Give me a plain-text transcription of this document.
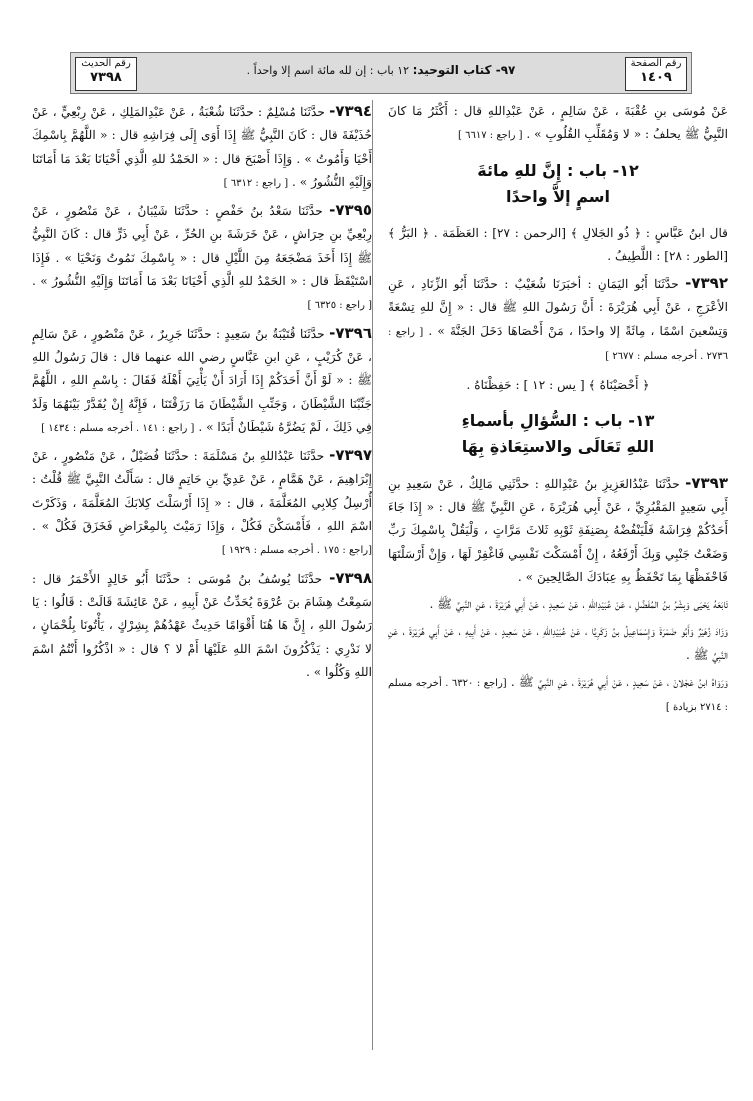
رقم الصفحة
١٤٠٩
٩٧- كتاب التوحيد: ١٢ باب : إن لله مائة اسم إلا واحداً .
رقم الحديث
٧٣٩٨

عَنْ مُوسَى بنِ عُقْبَةَ ، عَنْ سَالِمٍ ، عَنْ عَبْدِاللهِ قال : أَكْثَرُ مَا كانَ النَّبِيُّ ﷺ يحلفُ : « لا وَمُقَلِّبِ القُلُوبِ » . [ راجع : ٦٦١٧ ]

١٢- باب : إِنَّ للهِ مائةَ
اسمٍ إلاَّ واحدًا

قال ابنُ عَبَّاسٍ : ﴿ ذُو الجَلالِ ﴾ [الرحمن : ٢٧] : العَظَمَة . ﴿ البَرُّ ﴾ [الطور : ٢٨] : اللَّطِيفُ .

٧٣٩٢- حدَّثَنَا أَبُو اليَمَانِ : أخبَرَنَا شُعَيْبٌ : حدَّثَنَا أَبُو الزِّنَادِ ، عَنِ الأعْرَجِ ، عَنْ أَبِي هُرَيْرَةَ : أَنَّ رَسُولَ اللهِ ﷺ قال : « إِنَّ للهِ تِسْعَةً وَتِسْعينَ اسْمًا ، مِائَةً إلا واحدًا ، مَنْ أَحْصَاهَا دَخَلَ الجَنَّةَ » . [ راجع : ٢٧٣٦ . أخرجه مسلم : ٢٦٧٧ ]

﴿ أَحْصَيْنَاهُ ﴾ [ يس : ١٢ ] : حَفِظْنَاهُ .

١٣- باب : السُّؤالِ بأسماءِ
اللهِ تَعَالَى والاستِعَاذةِ بِهَا

٧٣٩٣- حدَّثَنَا عَبْدُالعَزِيزِ بنُ عَبْدِاللهِ : حدَّثَنِي مَالِكٌ ، عَنْ سَعِيدِ بنِ أَبِي سَعِيدٍ المَقْبُرِيِّ ، عَنْ أَبِي هُرَيْرَةَ ، عَنِ النَّبِيِّ ﷺ قال : « إِذَا جَاءَ أَحَدُكُمْ فِرَاشَهُ فَلْيَنْفُضْهُ بِصَنِفَةِ ثَوْبِهِ ثَلاثَ مَرَّاتٍ ، وَلْيَقُلْ بِاسْمِكَ رَبِّ وَضَعْتُ جَنْبِي وَبِكَ أَرْفَعُهُ ، إِنْ أَمْسَكْتَ نَفْسِي فَاغْفِرْ لَهَا ، وَإِنْ أَرْسَلْتَهَا فَاحْفَظْهَا بِمَا تَحْفَظُ بِهِ عِبَادَكَ الصَّالِحِينَ » .

تَابَعَهُ يَحْيَى وَبِشْرُ بنُ المُفَضَّلِ ، عَنْ عُبَيْدِاللهِ ، عَنْ سَعِيدٍ ، عَنْ أَبِي هُرَيْرَةَ ، عَنِ النَّبِيِّ ﷺ .

وَزَادَ زُهَيْرٌ وَأَبُو ضَمْرَةَ وَإِسْمَاعِيلُ بنُ زَكَرِيَّا ، عَنْ عُبَيْدِاللهِ ، عَنْ سَعِيدٍ ، عَنْ أَبِيهِ ، عَنْ أَبِي هُرَيْرَةَ ، عَنِ النَّبِيِّ ﷺ .

وَرَوَاهُ ابنُ عَجْلانَ ، عَنْ سَعِيدٍ ، عَنْ أَبِي هُرَيْرَةَ ، عَنِ النَّبِيِّ ﷺ . [راجع : ٦٣٢٠ . أخرجه مسلم : ٢٧١٤ بزيادة ]

٧٣٩٤- حدَّثَنَا مُسْلِمٌ : حدَّثَنَا شُعْبَةُ ، عَنْ عَبْدِالمَلِكِ ، عَنْ رِبْعِيٍّ ، عَنْ حُذَيْفَةَ قال : كَانَ النَّبِيُّ ﷺ إِذَا أَوَى إِلَى فِرَاشِهِ قال : « اللَّهُمَّ بِاسْمِكَ أَحْيَا وَأَمُوتُ » . وَإِذَا أَصْبَحَ قال : « الحَمْدُ للهِ الَّذِي أَحْيَانَا بَعْدَ مَا أَمَاتَنَا وَإِلَيْهِ النُّشُورُ » . [ راجع : ٦٣١٢ ]

٧٣٩٥- حدَّثَنَا سَعْدُ بنُ حَفْصٍ : حدَّثَنَا شَيْبَانُ ، عَنْ مَنْصُورٍ ، عَنْ رِبْعِيِّ بنِ حِرَاشٍ ، عَنْ خَرَشَةَ بنِ الحُرِّ ، عَنْ أَبِي ذَرٍّ قال : كَانَ النَّبِيُّ ﷺ إِذَا أَخَذَ مَضْجَعَهُ مِنَ اللَّيْلِ قال : « بِاسْمِكَ نَمُوتُ وَنَحْيَا » . فَإِذَا اسْتَيْقَظَ قال : « الحَمْدُ للهِ الَّذِي أَحْيَانَا بَعْدَ مَا أَمَاتَنَا وَإِلَيْهِ النُّشُورُ » . [ راجع : ٦٣٢٥ ]

٧٣٩٦- حدَّثَنَا قُتَيْبَةُ بنُ سَعِيدٍ : حدَّثَنَا جَرِيرٌ ، عَنْ مَنْصُورٍ ، عَنْ سَالِمٍ ، عَنْ كُرَيْبٍ ، عَنِ ابنِ عَبَّاسٍ رضي الله عنهما قال : قالَ رَسُولُ اللهِ ﷺ : « لَوْ أَنَّ أَحَدَكُمْ إِذَا أَرَادَ أَنْ يَأْتِيَ أَهْلَهُ فَقَالَ : بِاسْمِ اللهِ ، اللَّهُمَّ جَنِّبْنَا الشَّيْطَانَ ، وَجَنِّبِ الشَّيْطَانَ مَا رَزَقْتَنَا ، فَإِنَّهُ إِنْ يُقَدَّرْ بَيْنَهُمَا وَلَدٌ فِي ذَلِكَ ، لَمْ يَضُرَّهُ شَيْطَانٌ أَبَدًا » . [ راجع : ١٤١ . أخرجه مسلم : ١٤٣٤ ]

٧٣٩٧- حدَّثَنَا عَبْدُاللهِ بنُ مَسْلَمَةَ : حدَّثَنَا فُضَيْلٌ ، عَنْ مَنْصُورٍ ، عَنْ إِبْرَاهِيمَ ، عَنْ هَمَّامٍ ، عَنْ عَدِيِّ بنِ حَاتِمٍ قال : سَأَلْتُ النَّبِيَّ ﷺ قُلْتُ : أُرْسِلُ كِلابِي المُعَلَّمَةَ ، قال : « إِذَا أَرْسَلْتَ كِلابَكَ المُعَلَّمَةَ ، وَذَكَرْتَ اسْمَ اللهِ ، فَأَمْسَكْنَ فَكُلْ ، وَإِذَا رَمَيْتَ بِالمِعْرَاضِ فَخَزَقَ فَكُلْ » . [راجع : ١٧٥ . أخرجه مسلم : ١٩٢٩ ]

٧٣٩٨- حدَّثَنَا يُوسُفُ بنُ مُوسَى : حدَّثَنَا أَبُو خَالِدٍ الأَحْمَرُ قال : سَمِعْتُ هِشَامَ بنَ عُرْوَةَ يُحَدِّثُ عَنْ أَبِيهِ ، عَنْ عَائِشَةَ قَالَتْ : قَالُوا : يَا رَسُولَ اللهِ ، إِنَّ هَا هُنَا أَقْوَامًا حَدِيثٌ عَهْدُهُمْ بِشِرْكٍ ، يَأْتُونَا بِلُحْمَانٍ ، لا نَدْرِي : يَذْكُرُونَ اسْمَ اللهِ عَلَيْهَا أَمْ لا ؟ قال : « اذْكُرُوا أَنْتُمُ اسْمَ اللهِ وَكُلُوا » .
